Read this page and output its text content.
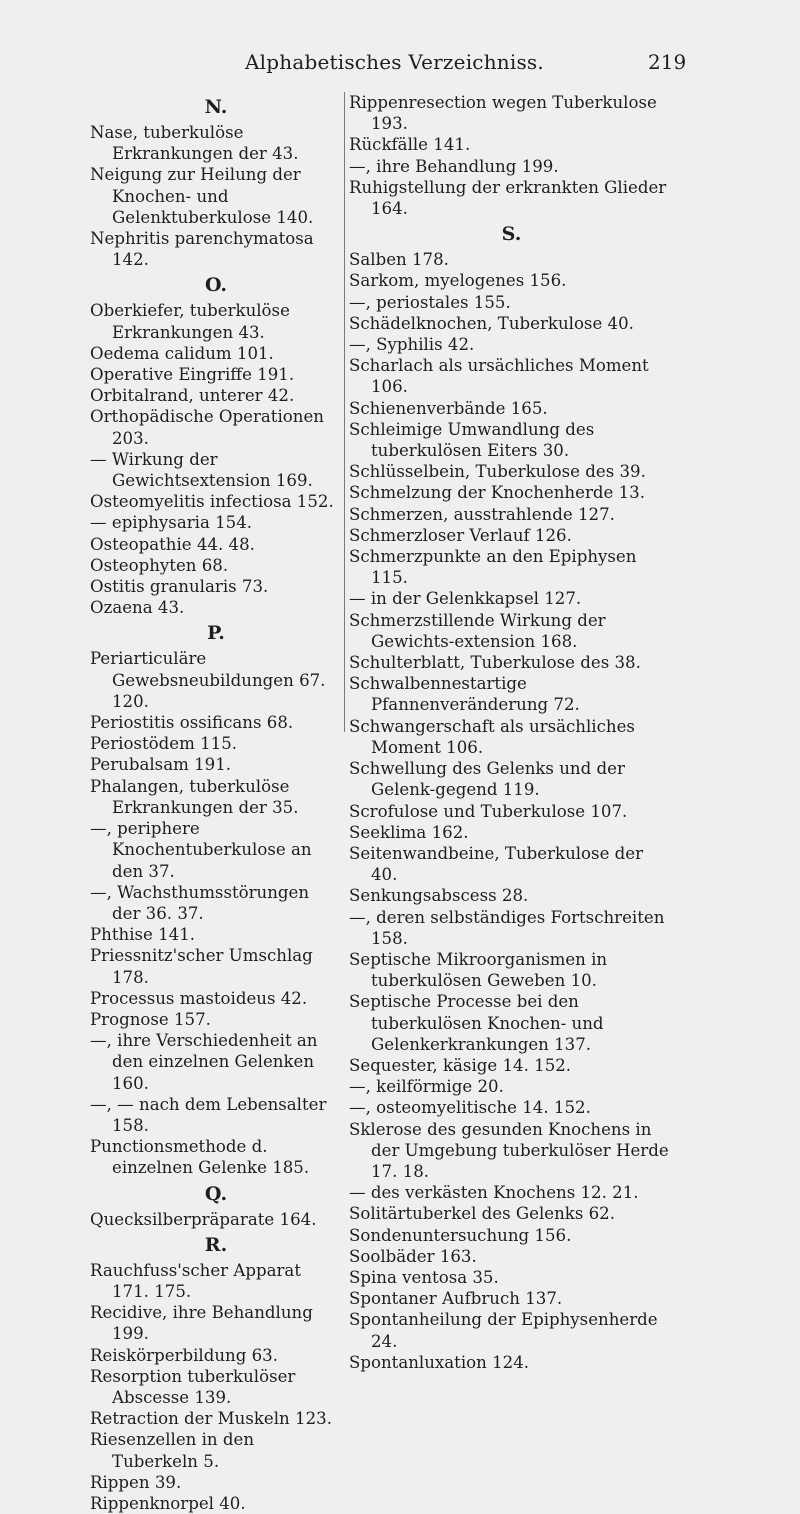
Alphabetisches Verzeichniss.	219
N.

Nase, tuberkulöse Erkrankungen der 43.

Neigung zur Heilung der Knochen- und Gelenktuberkulose 140.

Nephritis parenchymatosa 142.

O.

Oberkiefer, tuberkulöse Erkrankungen 43.

Oedema calidum 101.

Operative Eingriffe 191.

Orbitalrand, unterer 42.

Orthopädische Operationen 203.

— Wirkung der Gewichtsextension 169.

Osteomyelitis infectiosa 152.

— epiphysaria 154.

Osteopathie 44. 48.

Osteophyten 68.

Ostitis granularis 73.

Ozaena 43.

P.

Periarticuläre Gewebsneubildungen 67. 120.

Periostitis ossificans 68.

Periostödem 115.

Perubalsam 191.

Phalangen, tuberkulöse Erkrankungen der 35.

—, periphere Knochentuberkulose an den 37.

—, Wachsthumsstörungen der 36. 37.

Phthise 141.

Priessnitz'scher Umschlag 178.

Processus mastoideus 42.

Prognose 157.

—, ihre Verschiedenheit an den einzelnen Gelenken 160.

—, — nach dem Lebensalter 158.

Punctionsmethode d. einzelnen Gelenke 185.

Q.

Quecksilberpräparate 164.

R.

Rauchfuss'scher Apparat 171. 175.

Recidive, ihre Behandlung 199.

Reiskörperbildung 63.

Resorption tuberkulöser Abscesse 139.

Retraction der Muskeln 123.

Riesenzellen in den Tuberkeln 5.

Rippen 39.

Rippenknorpel 40.

Rippenresection wegen Tuberkulose 193.

Rückfälle 141.

—, ihre Behandlung 199.

Ruhigstellung der erkrankten Glieder 164.

S.

Salben 178.

Sarkom, myelogenes 156.

—, periostales 155.

Schädelknochen, Tuberkulose 40.

—, Syphilis 42.

Scharlach als ursächliches Moment 106.

Schienenverbände 165.

Schleimige Umwandlung des tuberkulösen Eiters 30.

Schlüsselbein, Tuberkulose des 39.

Schmelzung der Knochenherde 13.

Schmerzen, ausstrahlende 127.

Schmerzloser Verlauf 126.

Schmerzpunkte an den Epiphysen 115.

— in der Gelenkkapsel 127.

Schmerzstillende Wirkung der Gewichts-extension 168.

Schulterblatt, Tuberkulose des 38.

Schwalbennestartige Pfannenveränderung 72.

Schwangerschaft als ursächliches Moment 106.

Schwellung des Gelenks und der Gelenk-gegend 119.

Scrofulose und Tuberkulose 107.

Seeklima 162.

Seitenwandbeine, Tuberkulose der 40.

Senkungsabscess 28.

—, deren selbständiges Fortschreiten 158.

Septische Mikroorganismen in tuberkulösen Geweben 10.

Septische Processe bei den tuberkulösen Knochen- und Gelenkerkrankungen 137.

Sequester, käsige 14. 152.

—, keilförmige 20.

—, osteomyelitische 14. 152.

Sklerose des gesunden Knochens in der Umgebung tuberkulöser Herde 17. 18.

— des verkästen Knochens 12. 21.

Solitärtuberkel des Gelenks 62.

Sondenuntersuchung 156.

Soolbäder 163.

Spina ventosa 35.

Spontaner Aufbruch 137.

Spontanheilung der Epiphysenherde 24.

Spontanluxation 124.
